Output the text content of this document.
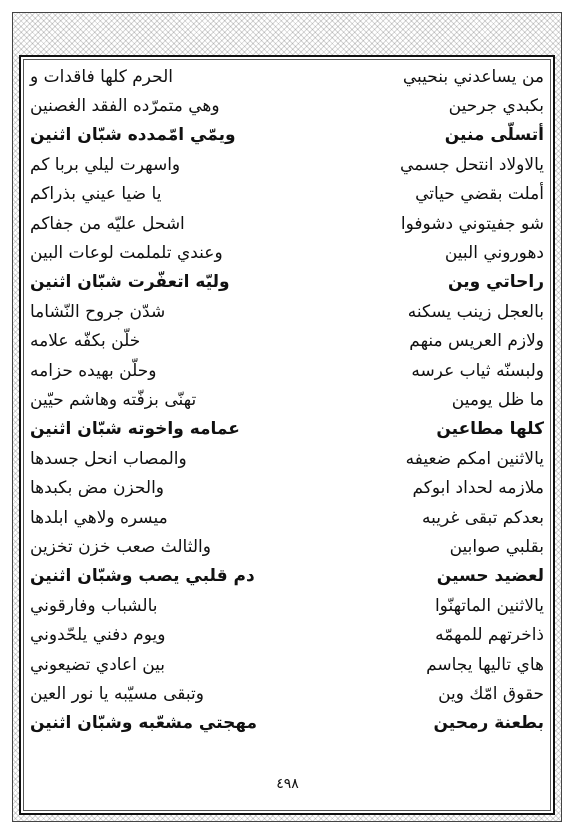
من يساعدني بنحيبي
الحرم كلها فاقدات و
بكبدي جرحين
وهي متمرّده الفقد الغصنين
أتسلّى منين
ويمّي امّمدده شبّان اثنين
يالاولاد انتحل جسمي
واسهرت ليلي بربا كم
أملت بقضي حياتي
يا ضيا عيني بذراكم
شو جفيتوني دشوفوا
اشحل عليّه من جفاكم
دهوروني البين
وعندي تلملمت لوعات البين
راحاتي وين
وليّه اتعفّرت شبّان اثنين
بالعجل زينب يسكنه
شدّن جروح النّشاما
ولازم العريس منهم
خلّن بكفّه علامه
ولبسنّه ثياب عرسه
وحلّن بهيده حزامه
ما ظل يومين
تهنّى بزفّته وهاشم حيّين
كلها مطاعين
عمامه واخوته شبّان اثنين
يالاثنين امكم ضعيفه
والمصاب انحل جسدها
ملازمه لحداد ابوكم
والحزن مض بكبدها
بعدكم تبقى غريبه
ميسره ولاهي ابلدها
بقلبي صوابين
والثالث صعب خزن تخزين
لعضيد حسين
دم قلبي يصب وشبّان اثنين
يالاثنين الماتهنّوا
بالشباب وفارقوني
ذاخرتهم للمهمّه
ويوم دفني يلحّدوني
هاي تاليها يجاسم
بين اعادي تضيعوني
حقوق امّك وين
وتبقى مسيّبه يا نور العين
بطعنة رمحين
مهجتي مشعّبه وشبّان اثنين
٤٩٨
